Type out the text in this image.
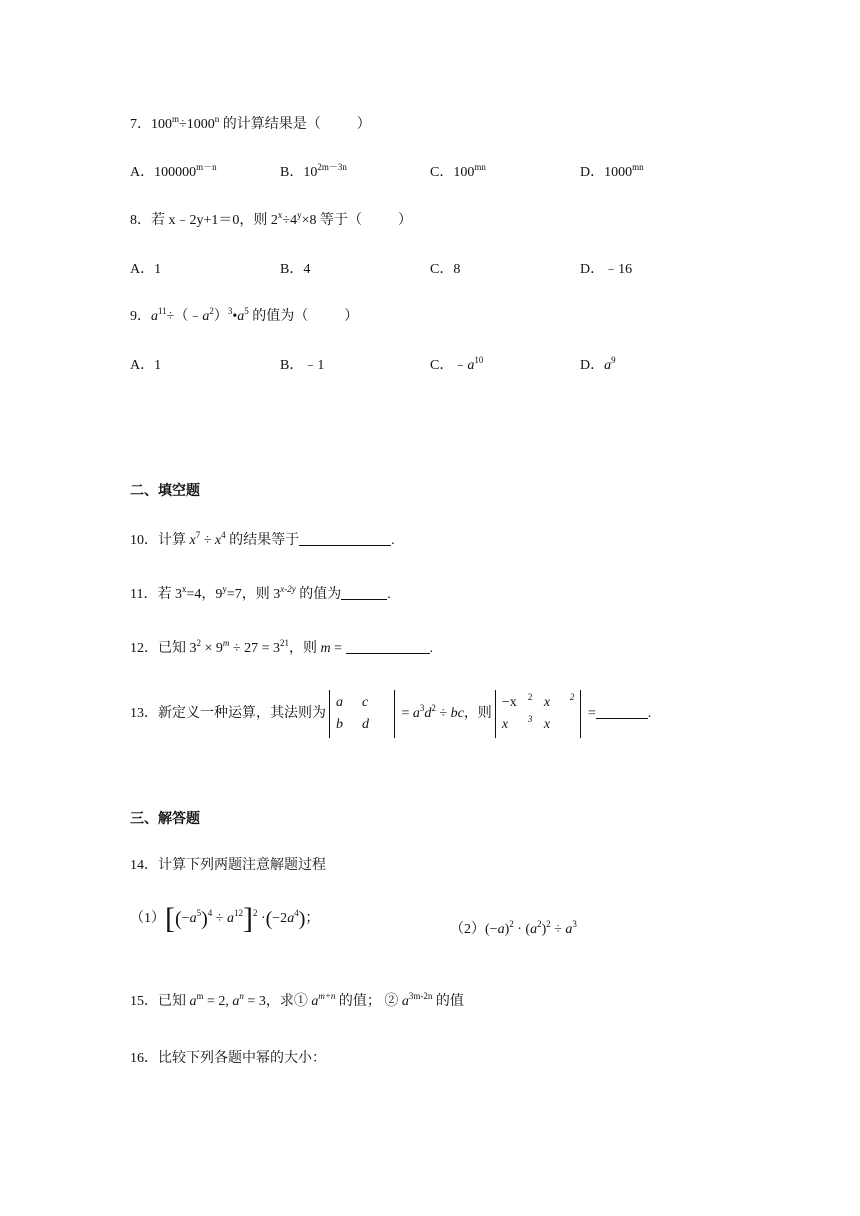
7．$100^m\div 1000^n$ 的计算结果是（	）
A．$100000^{m-n}$	B．$10^{2m-3n}$	C．$100^{mn}$	D．$1000^{mn}$
8．若 x﹣2y+1＝0，则 $2^x\div 4^y\times 8$ 等于（	）
A．1	B．4	C．8	D．﹣16
9．$a^{11}\div(﹣a^2)^3•a^5$ 的值为（	）
A．1	B．﹣1	C．$﹣a^{10}$	D．$a^9$
二、填空题
10．计算 $x^7 \div x^4$ 的结果等于	.
11．若 $3^x=4$，$9^y=7$，则 $3^{x-2y}$ 的值为	.
12．已知 $3^2 \times 9^m \div 27 = 3^{21}$，则 m =	.
13．新定义一种运算，其法则为a c
b $d = a^3d^2$ ÷ bc，则−x $^2$ x $^2$
x $^3$ x =	.
三、解答题
14．计算下列两题注意解题过程
$(1)[(-a^5)^4 \div a^{12}]^2 \cdot(-2a^4)$；
$(2)(-a)^2 \cdot (a^2)^2 \div a^3$
15．已知 $a^m = 2$, $a^n = 3$，求① $a^{m+n}$ 的值； ② $a^{3m-2n}$ 的值
16．比较下列各题中幂的大小：
